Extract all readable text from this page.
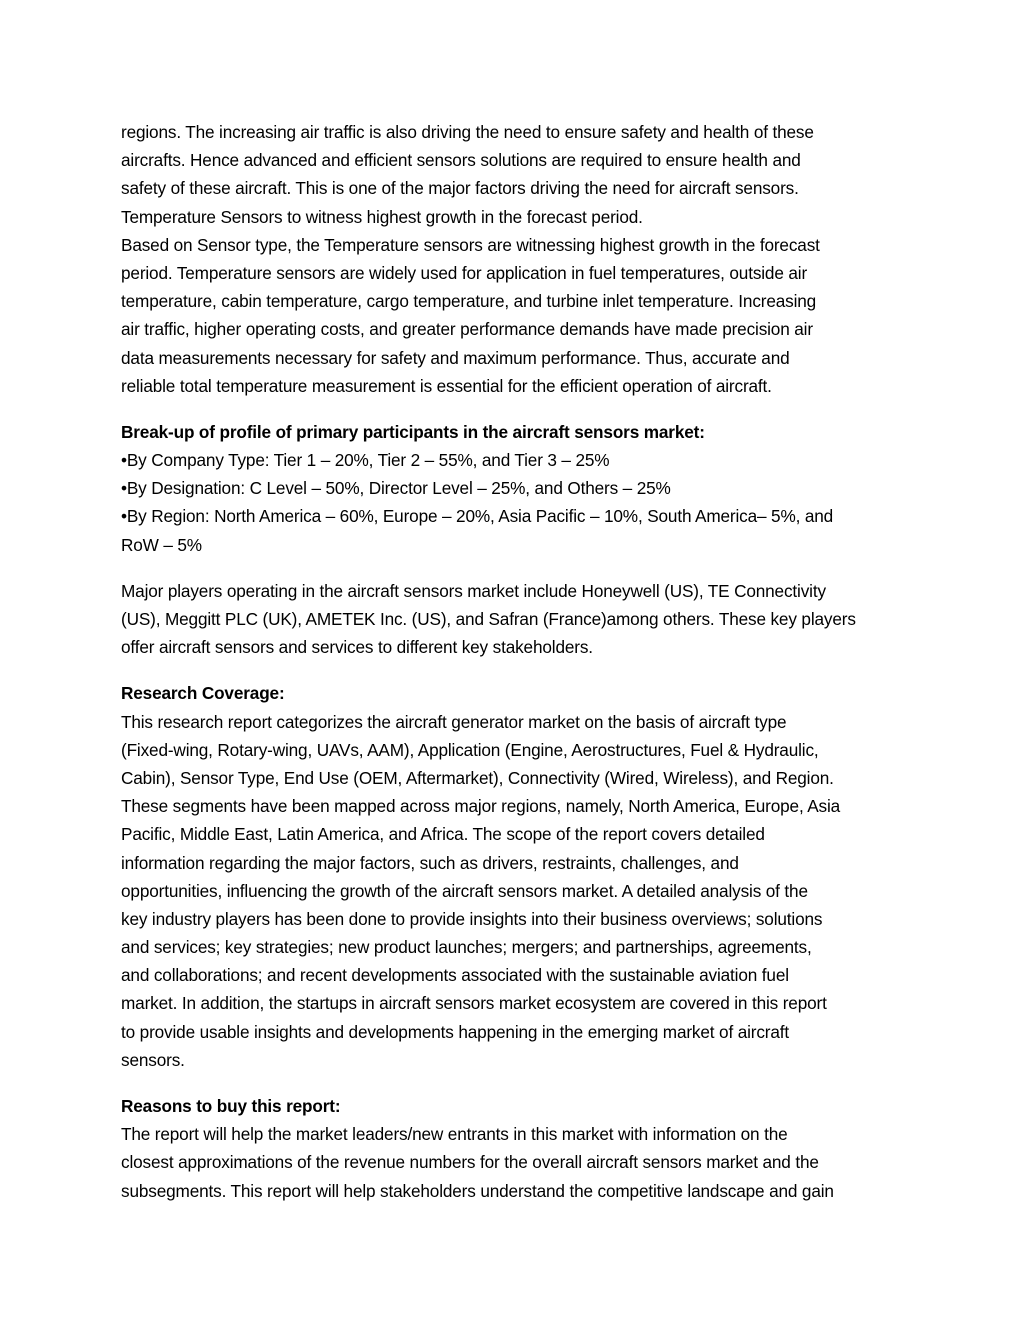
regions. The increasing air traffic is also driving the need to ensure safety and health of these
aircrafts. Hence advanced and efficient sensors solutions are required to ensure health and
safety of these aircraft. This is one of the major factors driving the need for aircraft sensors.
Temperature Sensors to witness highest growth in the forecast period.
Based on Sensor type, the Temperature sensors are witnessing highest growth in the forecast
period. Temperature sensors are widely used for application in fuel temperatures, outside air
temperature, cabin temperature, cargo temperature, and turbine inlet temperature. Increasing
air traffic, higher operating costs, and greater performance demands have made precision air
data measurements necessary for safety and maximum performance. Thus, accurate and
reliable total temperature measurement is essential for the efficient operation of aircraft.
Break-up of profile of primary participants in the aircraft sensors market:
•By Company Type: Tier 1 – 20%, Tier 2 – 55%, and Tier 3 – 25%
•By Designation: C Level – 50%, Director Level – 25%, and Others – 25%
•By Region: North America – 60%, Europe – 20%, Asia Pacific – 10%, South America– 5%, and
RoW – 5%
Major players operating in the aircraft sensors market include Honeywell (US), TE Connectivity
(US), Meggitt PLC (UK), AMETEK Inc. (US), and Safran (France)among others. These key players
offer aircraft sensors and services to different key stakeholders.
Research Coverage:
This research report categorizes the aircraft generator market on the basis of aircraft type
(Fixed-wing, Rotary-wing, UAVs, AAM), Application (Engine, Aerostructures, Fuel & Hydraulic,
Cabin), Sensor Type, End Use (OEM, Aftermarket), Connectivity (Wired, Wireless), and Region.
These segments have been mapped across major regions, namely, North America, Europe, Asia
Pacific, Middle East, Latin America, and Africa. The scope of the report covers detailed
information regarding the major factors, such as drivers, restraints, challenges, and
opportunities, influencing the growth of the aircraft sensors market. A detailed analysis of the
key industry players has been done to provide insights into their business overviews; solutions
and services; key strategies; new product launches; mergers; and partnerships, agreements,
and collaborations; and recent developments associated with the sustainable aviation fuel
market. In addition, the startups in aircraft sensors market ecosystem are covered in this report
to provide usable insights and developments happening in the emerging market of aircraft
sensors.
Reasons to buy this report:
The report will help the market leaders/new entrants in this market with information on the
closest approximations of the revenue numbers for the overall aircraft sensors market and the
subsegments. This report will help stakeholders understand the competitive landscape and gain
